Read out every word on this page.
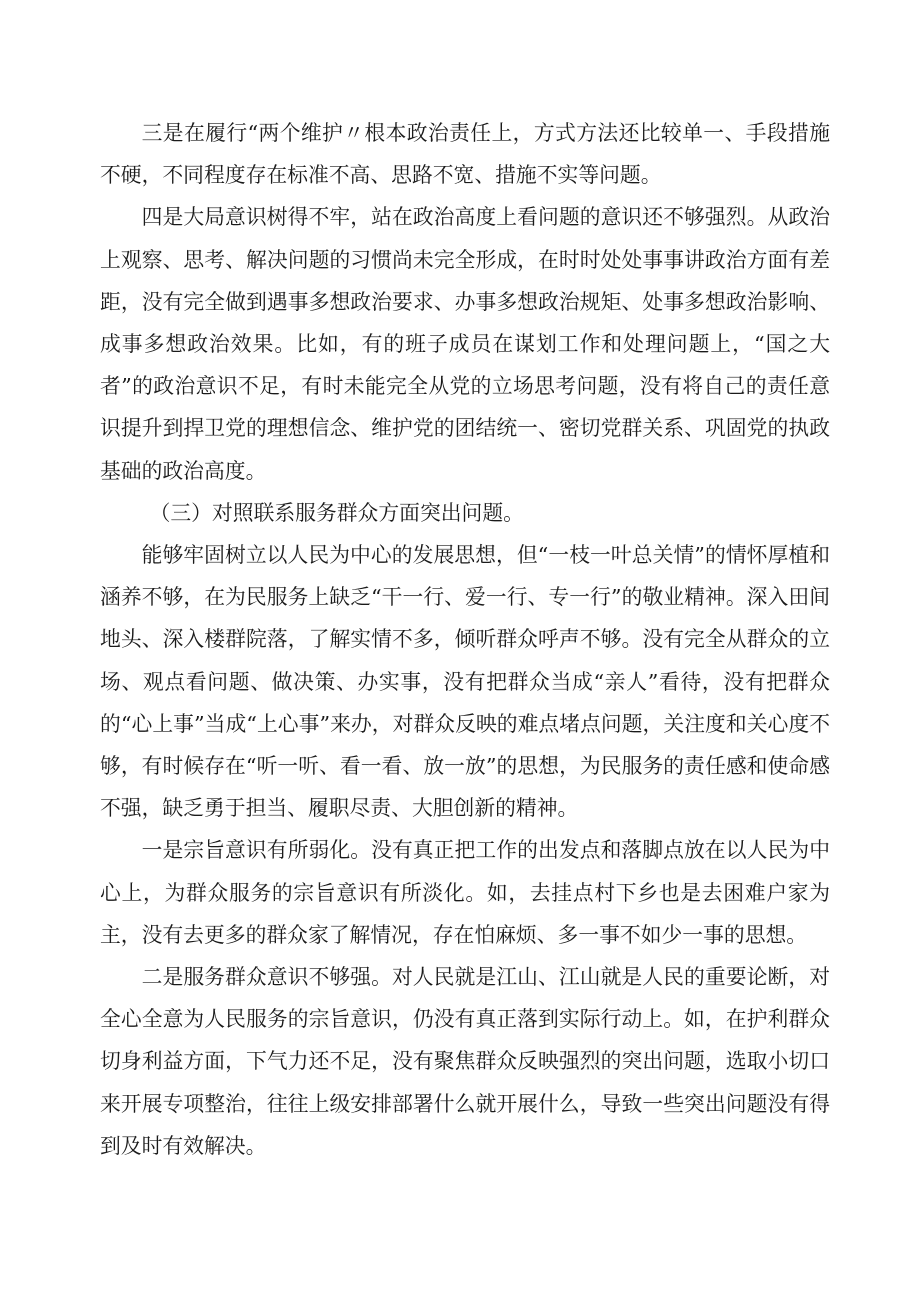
三是在履行“两个维护〃根本政治责任上，方式方法还比较单一、手段措施不硬，不同程度存在标准不高、思路不宽、措施不实等问题。

四是大局意识树得不牢，站在政治高度上看问题的意识还不够强烈。从政治上观察、思考、解决问题的习惯尚未完全形成，在时时处处事事讲政治方面有差距，没有完全做到遇事多想政治要求、办事多想政治规矩、处事多想政治影响、成事多想政治效果。比如，有的班子成员在谋划工作和处理问题上，“国之大者”的政治意识不足，有时未能完全从党的立场思考问题，没有将自己的责任意识提升到捍卫党的理想信念、维护党的团结统一、密切党群关系、巩固党的执政基础的政治高度。

（三）对照联系服务群众方面突出问题。

能够牢固树立以人民为中心的发展思想，但“一枝一叶总关情”的情怀厚植和涵养不够，在为民服务上缺乏“干一行、爱一行、专一行”的敬业精神。深入田间地头、深入楼群院落，了解实情不多，倾听群众呼声不够。没有完全从群众的立场、观点看问题、做决策、办实事，没有把群众当成“亲人”看待，没有把群众的“心上事”当成“上心事”来办，对群众反映的难点堵点问题，关注度和关心度不够，有时候存在“听一听、看一看、放一放”的思想，为民服务的责任感和使命感不强，缺乏勇于担当、履职尽责、大胆创新的精神。

一是宗旨意识有所弱化。没有真正把工作的出发点和落脚点放在以人民为中心上，为群众服务的宗旨意识有所淡化。如，去挂点村下乡也是去困难户家为主，没有去更多的群众家了解情况，存在怕麻烦、多一事不如少一事的思想。

二是服务群众意识不够强。对人民就是江山、江山就是人民的重要论断，对全心全意为人民服务的宗旨意识，仍没有真正落到实际行动上。如，在护利群众切身利益方面，下气力还不足，没有聚焦群众反映强烈的突出问题，选取小切口来开展专项整治，往往上级安排部署什么就开展什么，导致一些突出问题没有得到及时有效解决。
